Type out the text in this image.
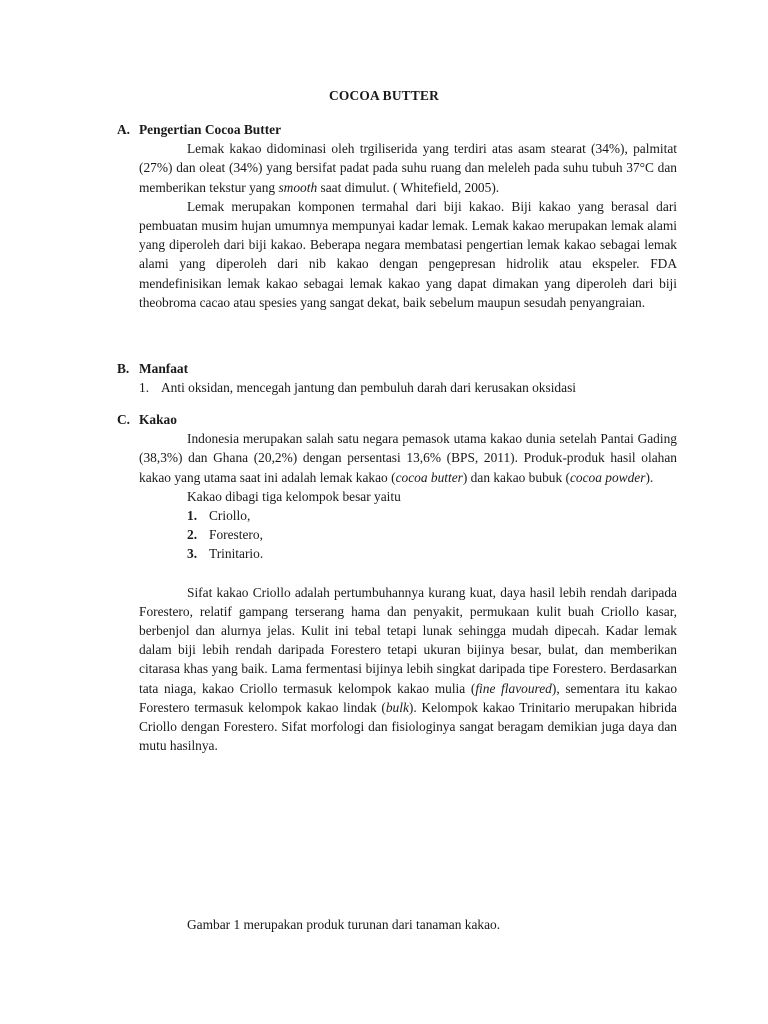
COCOA BUTTER
A. Pengertian Cocoa Butter

Lemak kakao didominasi oleh trgiliserida yang terdiri atas asam stearat (34%), palmitat (27%) dan oleat (34%) yang bersifat padat pada suhu ruang dan meleleh pada suhu tubuh 37°C dan memberikan tekstur yang smooth saat dimulut. ( Whitefield, 2005).

Lemak merupakan komponen termahal dari biji kakao. Biji kakao yang berasal dari pembuatan musim hujan umumnya mempunyai kadar lemak. Lemak kakao merupakan lemak alami yang diperoleh dari biji kakao. Beberapa negara membatasi pengertian lemak kakao sebagai lemak alami yang diperoleh dari nib kakao dengan pengepresan hidrolik atau ekspeler. FDA mendefinisikan lemak kakao sebagai lemak kakao yang dapat dimakan yang diperoleh dari biji theobroma cacao atau spesies yang sangat dekat, baik sebelum maupun sesudah penyangraian.

B. Manfaat
1. Anti oksidan, mencegah jantung dan pembuluh darah dari kerusakan oksidasi
C. Kakao

Indonesia merupakan salah satu negara pemasok utama kakao dunia setelah Pantai Gading (38,3%) dan Ghana (20,2%) dengan persentasi 13,6% (BPS, 2011). Produk-produk hasil olahan kakao yang utama saat ini adalah lemak kakao (cocoa butter) dan kakao bubuk (cocoa powder).

Kakao dibagi tiga kelompok besar yaitu

1. Criollo,
2. Forestero,
3. Trinitario.

Sifat kakao Criollo adalah pertumbuhannya kurang kuat, daya hasil lebih rendah daripada Forestero, relatif gampang terserang hama dan penyakit, permukaan kulit buah Criollo kasar, berbenjol dan alurnya jelas. Kulit ini tebal tetapi lunak sehingga mudah dipecah. Kadar lemak dalam biji lebih rendah daripada Forestero tetapi ukuran bijinya besar, bulat, dan memberikan citarasa khas yang baik. Lama fermentasi bijinya lebih singkat daripada tipe Forestero. Berdasarkan tata niaga, kakao Criollo termasuk kelompok kakao mulia (fine flavoured), sementara itu kakao Forestero termasuk kelompok kakao lindak (bulk). Kelompok kakao Trinitario merupakan hibrida Criollo dengan Forestero. Sifat morfologi dan fisiologinya sangat beragam demikian juga daya dan mutu hasilnya.

Gambar 1 merupakan produk turunan dari tanaman kakao.
